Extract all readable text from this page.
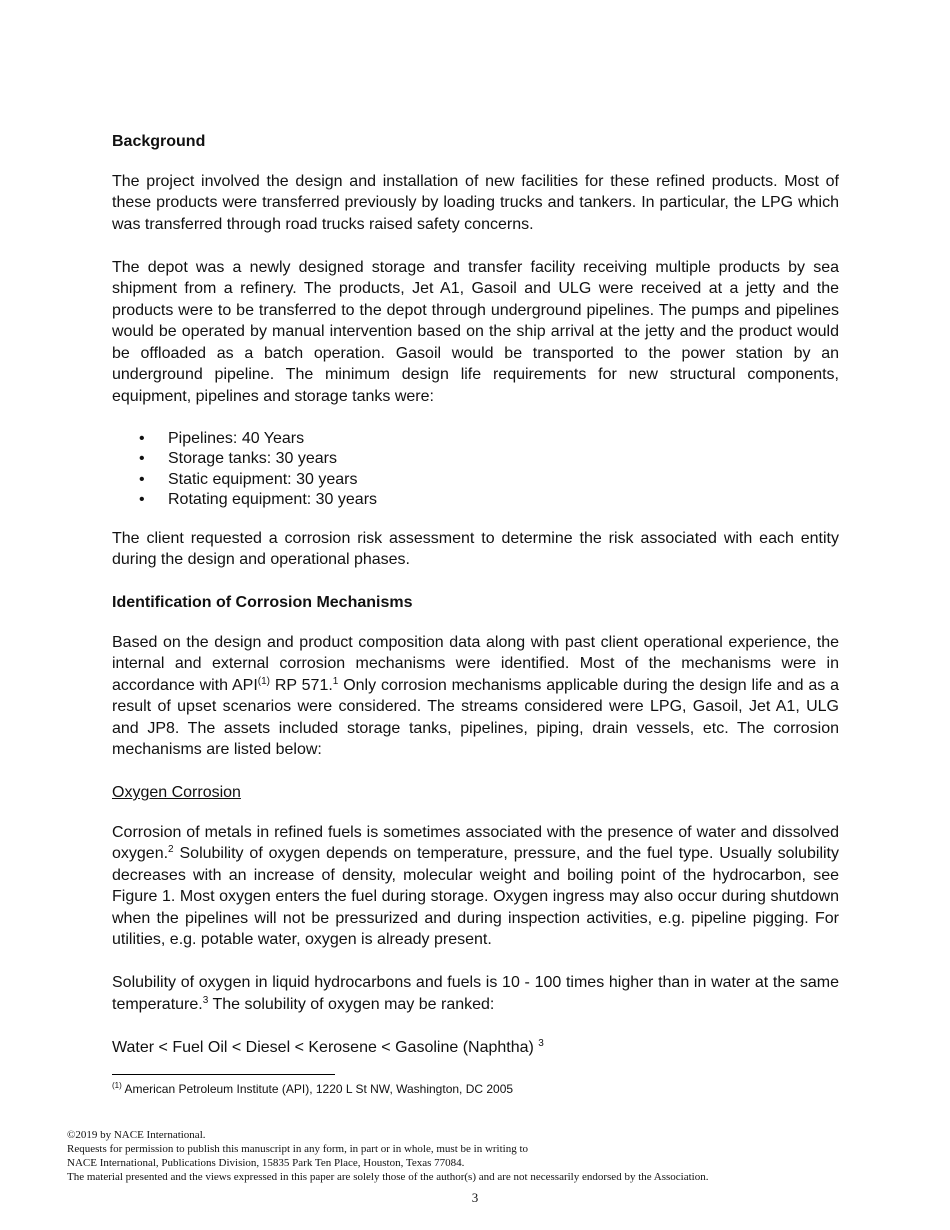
Background

The project involved the design and installation of new facilities for these refined products. Most of these products were transferred previously by loading trucks and tankers. In particular, the LPG which was transferred through road trucks raised safety concerns.

The depot was a newly designed storage and transfer facility receiving multiple products by sea shipment from a refinery. The products, Jet A1, Gasoil and ULG were received at a jetty and the products were to be transferred to the depot through underground pipelines. The pumps and pipelines would be operated by manual intervention based on the ship arrival at the jetty and the product would be offloaded as a batch operation. Gasoil would be transported to the power station by an underground pipeline. The minimum design life requirements for new structural components, equipment, pipelines and storage tanks were:

• Pipelines: 40 Years
• Storage tanks: 30 years
• Static equipment: 30 years
• Rotating equipment: 30 years

The client requested a corrosion risk assessment to determine the risk associated with each entity during the design and operational phases.

Identification of Corrosion Mechanisms

Based on the design and product composition data along with past client operational experience, the internal and external corrosion mechanisms were identified. Most of the mechanisms were in accordance with API$^{(1)}$ RP 571.$^1$ Only corrosion mechanisms applicable during the design life and as a result of upset scenarios were considered. The streams considered were LPG, Gasoil, Jet A1, ULG and JP8. The assets included storage tanks, pipelines, piping, drain vessels, etc. The corrosion mechanisms are listed below:

Oxygen Corrosion

Corrosion of metals in refined fuels is sometimes associated with the presence of water and dissolved oxygen.$^2$ Solubility of oxygen depends on temperature, pressure, and the fuel type. Usually solubility decreases with an increase of density, molecular weight and boiling point of the hydrocarbon, see Figure 1. Most oxygen enters the fuel during storage. Oxygen ingress may also occur during shutdown when the pipelines will not be pressurized and during inspection activities, e.g. pipeline pigging. For utilities, e.g. potable water, oxygen is already present.

Solubility of oxygen in liquid hydrocarbons and fuels is 10 - 100 times higher than in water at the same temperature.$^3$ The solubility of oxygen may be ranked:

Water < Fuel Oil < Diesel < Kerosene < Gasoline (Naphtha) $^3$

$^{(1)}$ American Petroleum Institute (API), 1220 L St NW, Washington, DC 2005
©2019 by NACE International.
Requests for permission to publish this manuscript in any form, in part or in whole, must be in writing to
NACE International, Publications Division, 15835 Park Ten Place, Houston, Texas 77084.
The material presented and the views expressed in this paper are solely those of the author(s) and are not necessarily endorsed by the Association.
3
